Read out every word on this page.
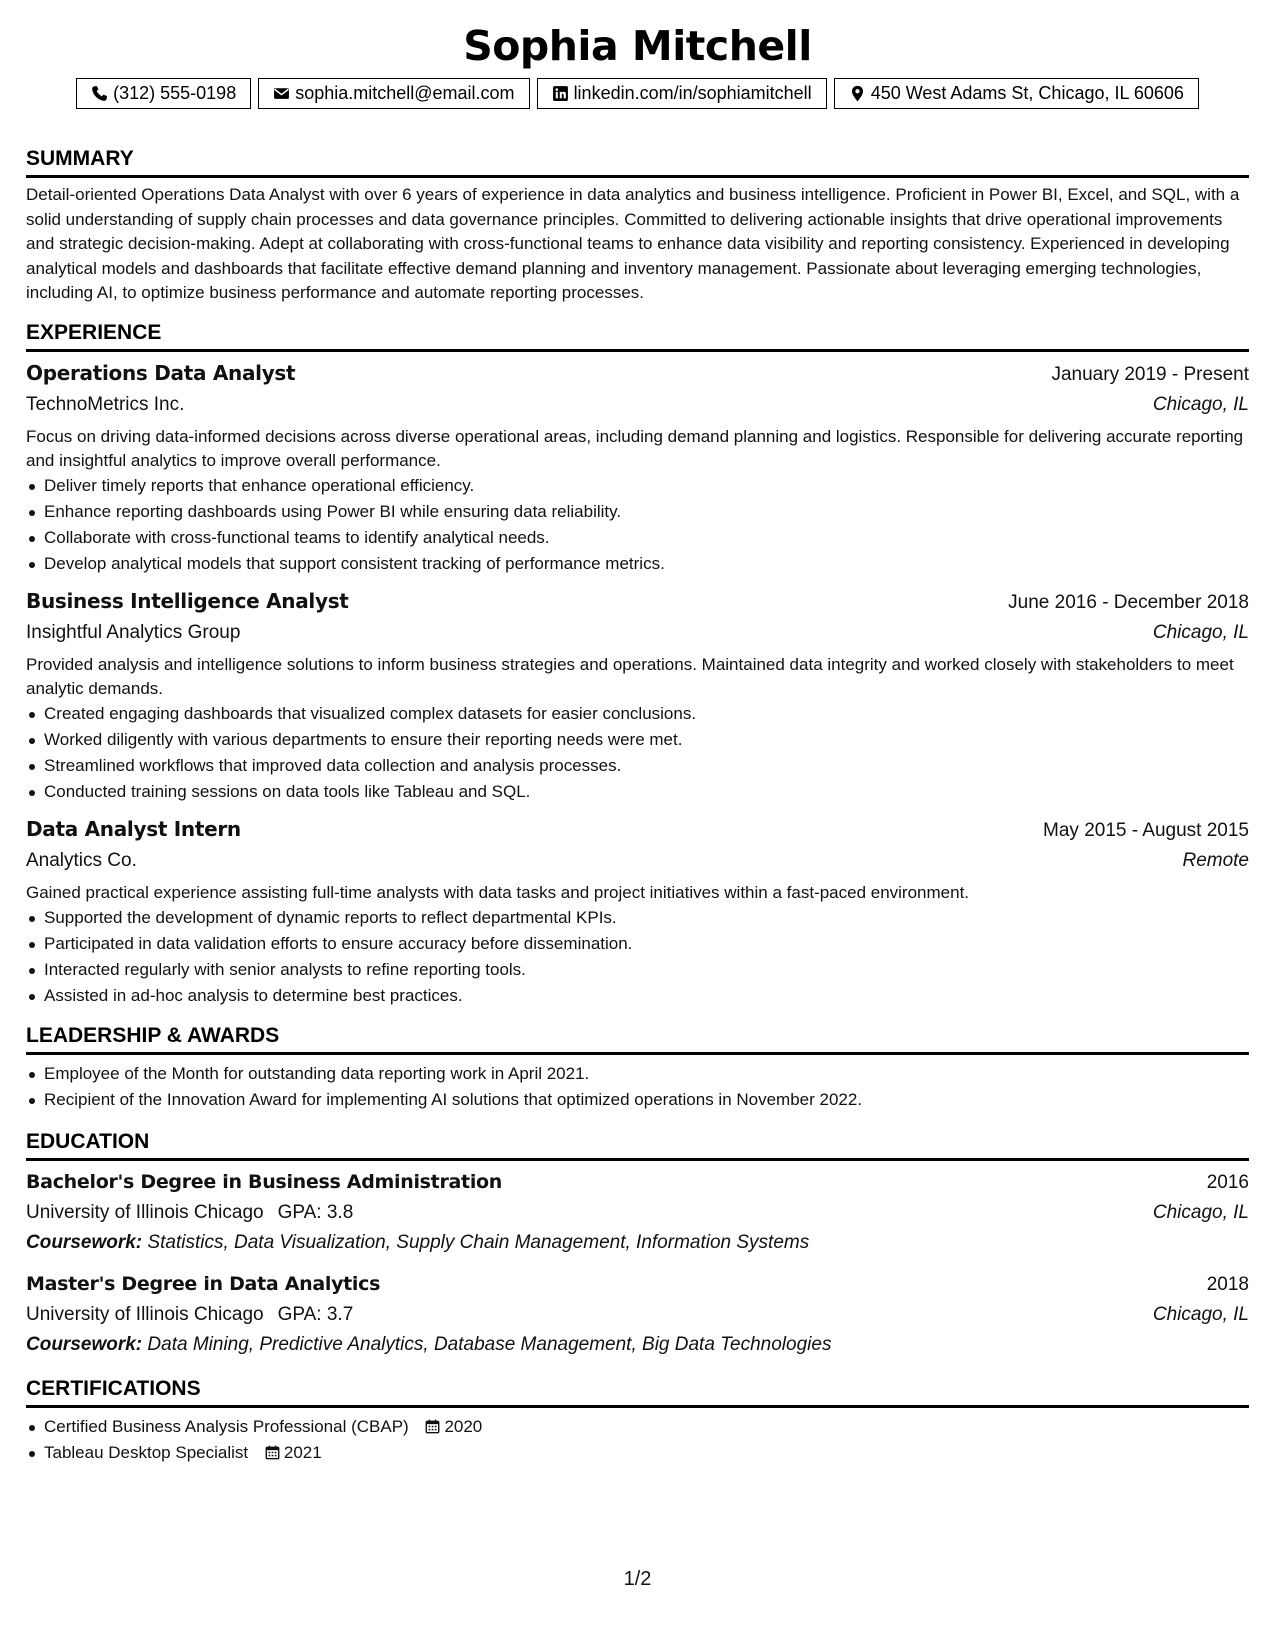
Sophia Mitchell
(312) 555-0198	sophia.mitchell@email.com	linkedin.com/in/sophiamitchell	450 West Adams St, Chicago, IL 60606
SUMMARY
Detail-oriented Operations Data Analyst with over 6 years of experience in data analytics and business intelligence. Proficient in Power BI, Excel, and SQL, with a solid understanding of supply chain processes and data governance principles. Committed to delivering actionable insights that drive operational improvements and strategic decision-making. Adept at collaborating with cross-functional teams to enhance data visibility and reporting consistency. Experienced in developing analytical models and dashboards that facilitate effective demand planning and inventory management. Passionate about leveraging emerging technologies, including AI, to optimize business performance and automate reporting processes.
EXPERIENCE
Operations Data Analyst	January 2019 - Present
TechnoMetrics Inc.	Chicago, IL
Focus on driving data-informed decisions across diverse operational areas, including demand planning and logistics. Responsible for delivering accurate reporting and insightful analytics to improve overall performance.
Deliver timely reports that enhance operational efficiency.
Enhance reporting dashboards using Power BI while ensuring data reliability.
Collaborate with cross-functional teams to identify analytical needs.
Develop analytical models that support consistent tracking of performance metrics.
Business Intelligence Analyst	June 2016 - December 2018
Insightful Analytics Group	Chicago, IL
Provided analysis and intelligence solutions to inform business strategies and operations. Maintained data integrity and worked closely with stakeholders to meet analytic demands.
Created engaging dashboards that visualized complex datasets for easier conclusions.
Worked diligently with various departments to ensure their reporting needs were met.
Streamlined workflows that improved data collection and analysis processes.
Conducted training sessions on data tools like Tableau and SQL.
Data Analyst Intern	May 2015 - August 2015
Analytics Co.	Remote
Gained practical experience assisting full-time analysts with data tasks and project initiatives within a fast-paced environment.
Supported the development of dynamic reports to reflect departmental KPIs.
Participated in data validation efforts to ensure accuracy before dissemination.
Interacted regularly with senior analysts to refine reporting tools.
Assisted in ad-hoc analysis to determine best practices.
LEADERSHIP & AWARDS
Employee of the Month for outstanding data reporting work in April 2021.
Recipient of the Innovation Award for implementing AI solutions that optimized operations in November 2022.
EDUCATION
Bachelor's Degree in Business Administration	2016
University of Illinois Chicago GPA: 3.8	Chicago, IL
Coursework: Statistics, Data Visualization, Supply Chain Management, Information Systems
Master's Degree in Data Analytics	2018
University of Illinois Chicago GPA: 3.7	Chicago, IL
Coursework: Data Mining, Predictive Analytics, Database Management, Big Data Technologies
CERTIFICATIONS
Certified Business Analysis Professional (CBAP) 2020
Tableau Desktop Specialist 2021
1/2
